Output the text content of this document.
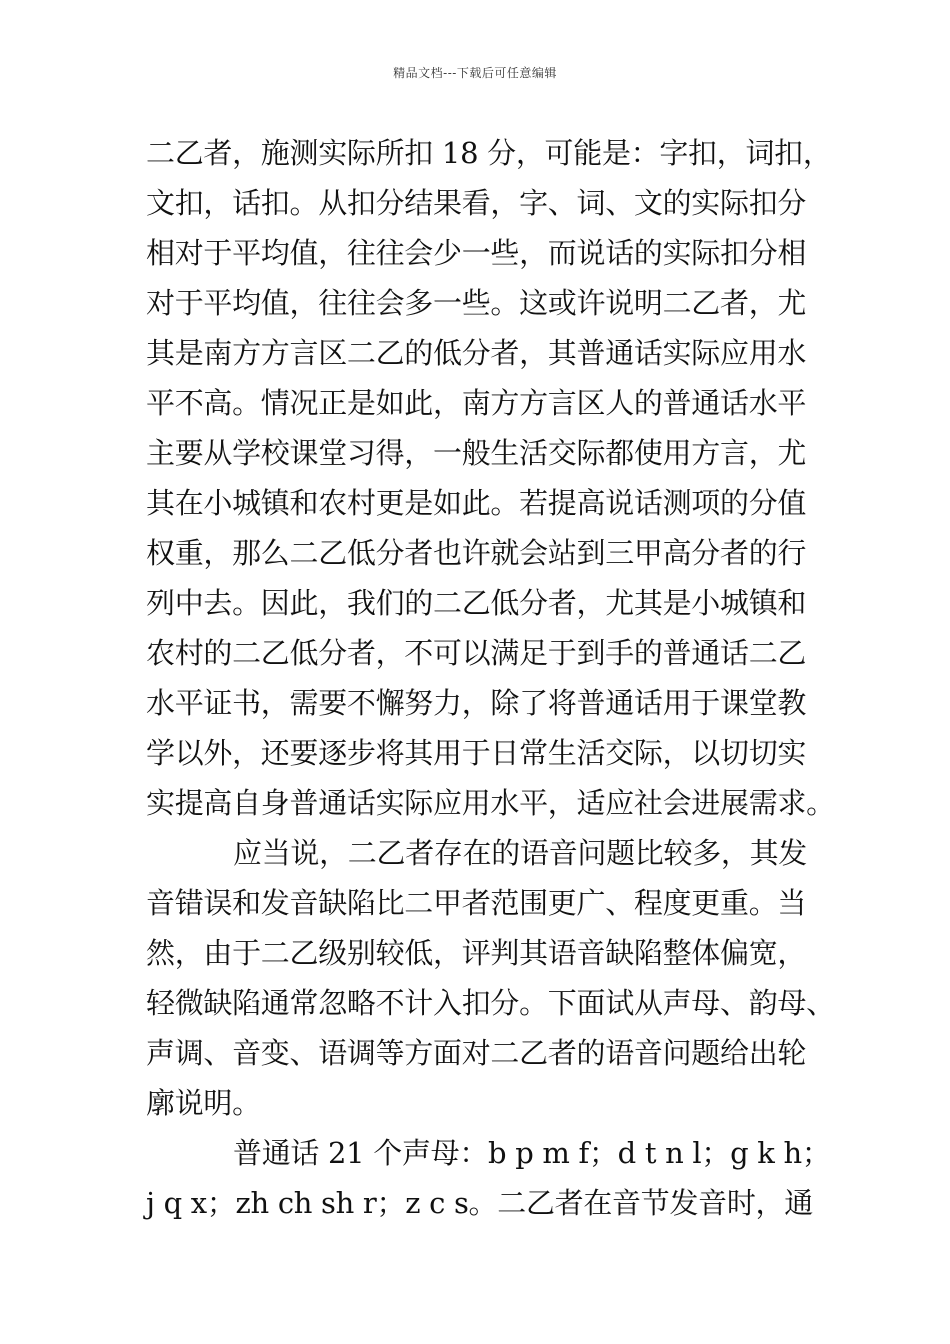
精品文档---下载后可任意编辑
二乙者，施测实际所扣 18 分，可能是：字扣，词扣，
文扣，话扣。从扣分结果看，字、词、文的实际扣分
相对于平均值，往往会少一些，而说话的实际扣分相
对于平均值，往往会多一些。这或许说明二乙者，尤
其是南方方言区二乙的低分者，其普通话实际应用水
平不高。情况正是如此，南方方言区人的普通话水平
主要从学校课堂习得，一般生活交际都使用方言，尤
其在小城镇和农村更是如此。若提高说话测项的分值
权重，那么二乙低分者也许就会站到三甲高分者的行
列中去。因此，我们的二乙低分者，尤其是小城镇和
农村的二乙低分者，不可以满足于到手的普通话二乙
水平证书，需要不懈努力，除了将普通话用于课堂教
学以外，还要逐步将其用于日常生活交际，以切切实
实提高自身普通话实际应用水平，适应社会进展需求。
应当说，二乙者存在的语音问题比较多，其发
音错误和发音缺陷比二甲者范围更广、程度更重。当
然，由于二乙级别较低，评判其语音缺陷整体偏宽，
轻微缺陷通常忽略不计入扣分。下面试从声母、韵母、
声调、音变、语调等方面对二乙者的语音问题给出轮
廓说明。
普通话 21 个声母：b p m f；d t n l；g k h；
j q x；zh ch sh r；z c s。二乙者在音节发音时，通
